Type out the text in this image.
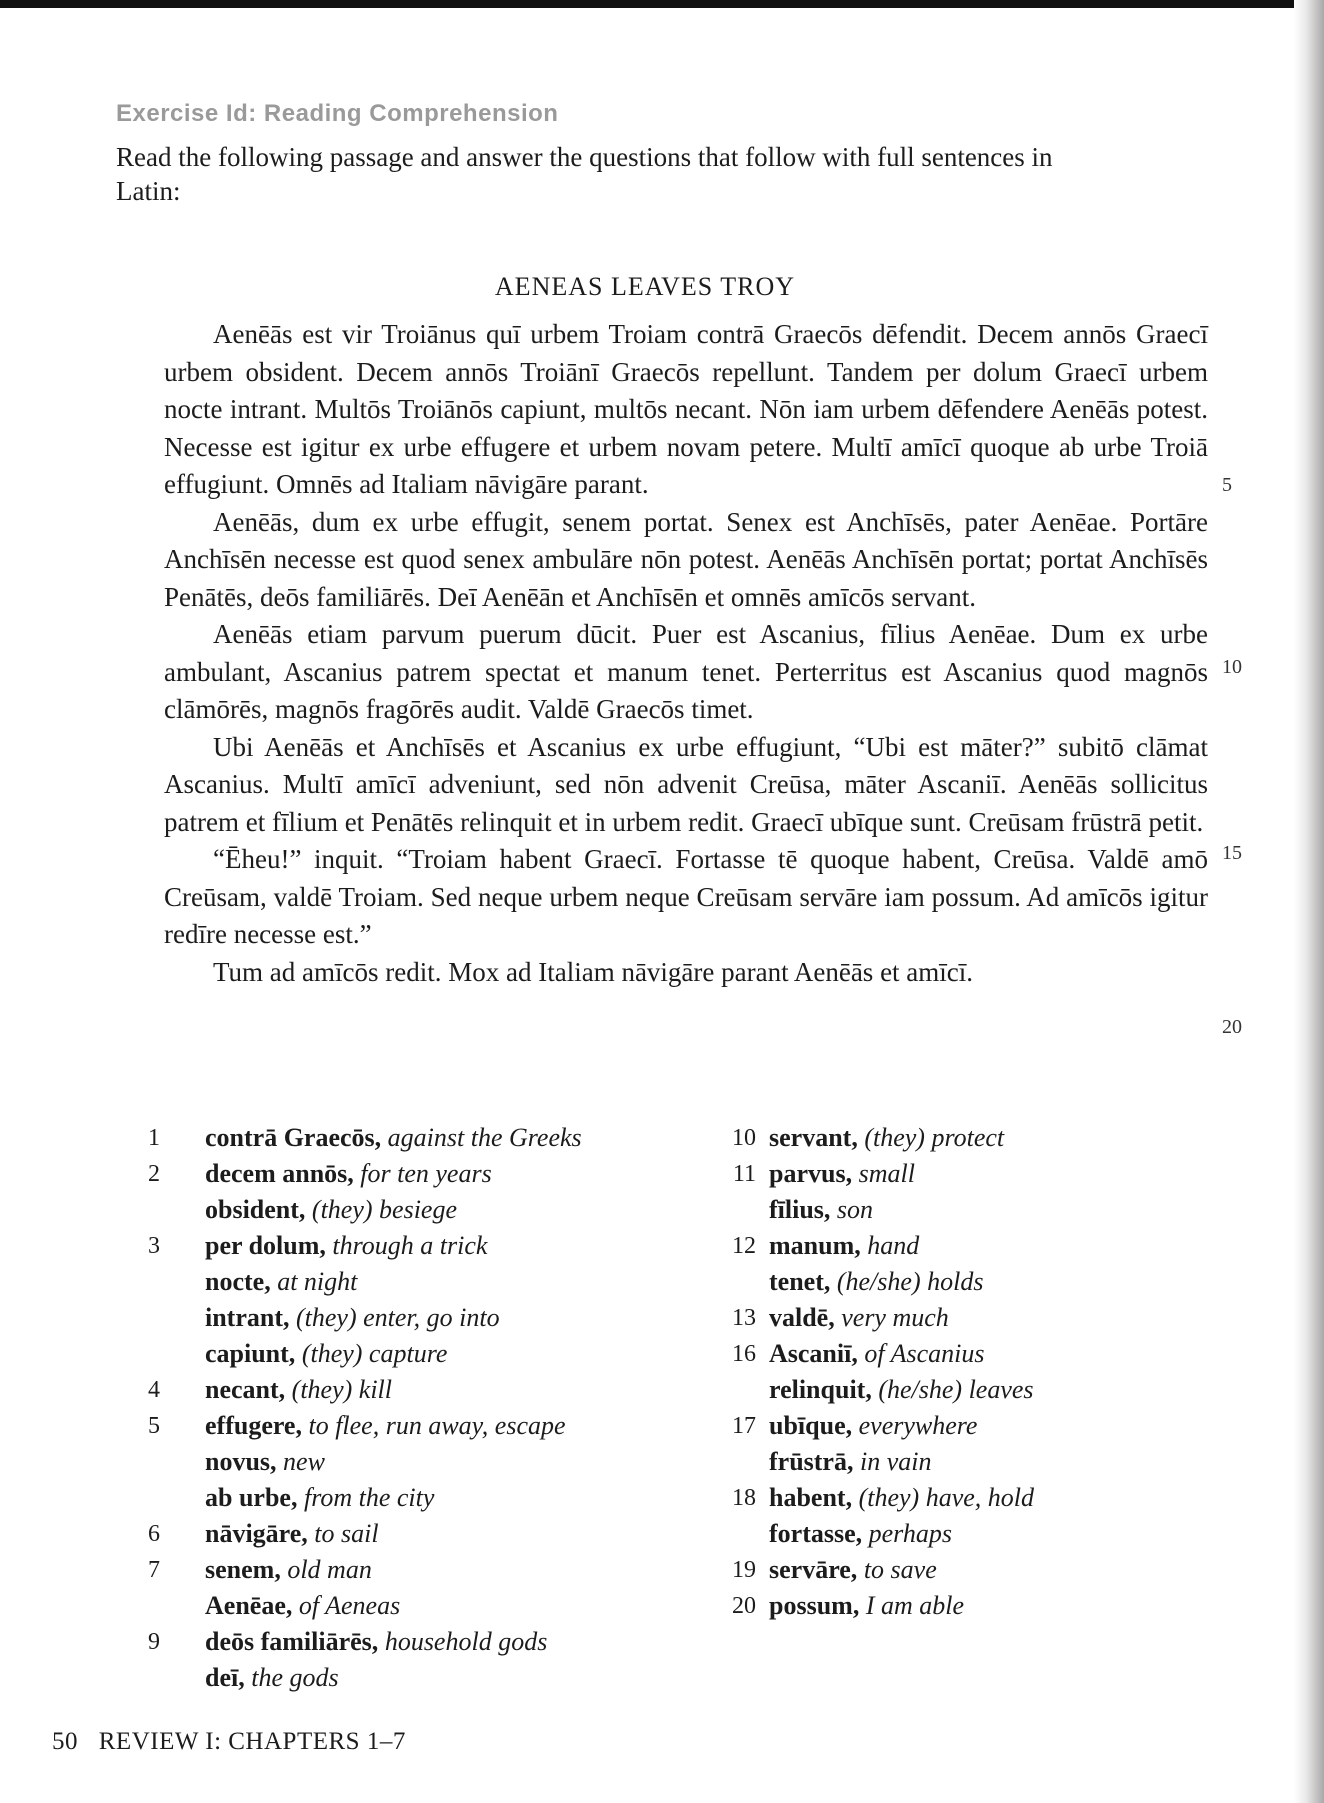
Exercise Id: Reading Comprehension
Read the following passage and answer the questions that follow with full sentences in Latin:
AENEAS LEAVES TROY

Aenēās est vir Troiānus quī urbem Troiam contrā Graecōs dēfendit. Decem annōs Graecī urbem obsident. Decem annōs Troiānī Graecōs repellunt. Tandem per dolum Graecī urbem nocte intrant. Multōs Troiānōs capiunt, multōs necant. Nōn iam urbem dēfendere Aenēās potest. Necesse est igitur ex urbe effugere et urbem novam petere. Multī amīcī quoque ab urbe Troiā effugiunt. Omnēs ad Italiam nāvigāre parant.

Aenēās, dum ex urbe effugit, senem portat. Senex est Anchīsēs, pater Aenēae. Portāre Anchīsēn necesse est quod senex ambulāre nōn potest. Aenēās Anchīsēn portat; portat Anchīsēs Penātēs, deōs familiārēs. Deī Aenēān et Anchīsēn et omnēs amīcōs servant.

Aenēās etiam parvum puerum dūcit. Puer est Ascanius, fīlius Aenēae. Dum ex urbe ambulant, Ascanius patrem spectat et manum tenet. Perterritus est Ascanius quod magnōs clāmōrēs, magnōs fragōrēs audit. Valdē Graecōs timet.

Ubi Aenēās et Anchīsēs et Ascanius ex urbe effugiunt, “Ubi est māter?” subitō clāmat Ascanius. Multī amīcī adveniunt, sed nōn advenit Creūsa, māter Ascaniī. Aenēās sollicitus patrem et fīlium et Penātēs relinquit et in urbem redit. Graecī ubīque sunt. Creūsam frūstrā petit.

“Ēheu!” inquit. “Troiam habent Graecī. Fortasse tē quoque habent, Creūsa. Valdē amō Creūsam, valdē Troiam. Sed neque urbem neque Creūsam servāre iam possum. Ad amīcōs igitur redīre necesse est.”

Tum ad amīcōs redit. Mox ad Italiam nāvigāre parant Aenēās et amīcī.

5
10
15
20
1	contrā Graecōs, against the Greeks
2	decem annōs, for ten years
obsident, (they) besiege
3	per dolum, through a trick
nocte, at night
intrant, (they) enter, go into
capiunt, (they) capture
4	necant, (they) kill
5	effugere, to flee, run away, escape
novus, new
ab urbe, from the city
6	nāvigāre, to sail
7	senem, old man
Aenēae, of Aeneas
9	deōs familiārēs, household gods
deī, the gods
10 servant, (they) protect
11 parvus, small
fīlius, son
12 manum, hand
tenet, (he/she) holds
13 valdē, very much
16 Ascaniī, of Ascanius
relinquit, (he/she) leaves
17 ubīque, everywhere
frūstrā, in vain
18 habent, (they) have, hold
fortasse, perhaps
19 servāre, to save
20 possum, I am able
50 REVIEW I: CHAPTERS 1–7
